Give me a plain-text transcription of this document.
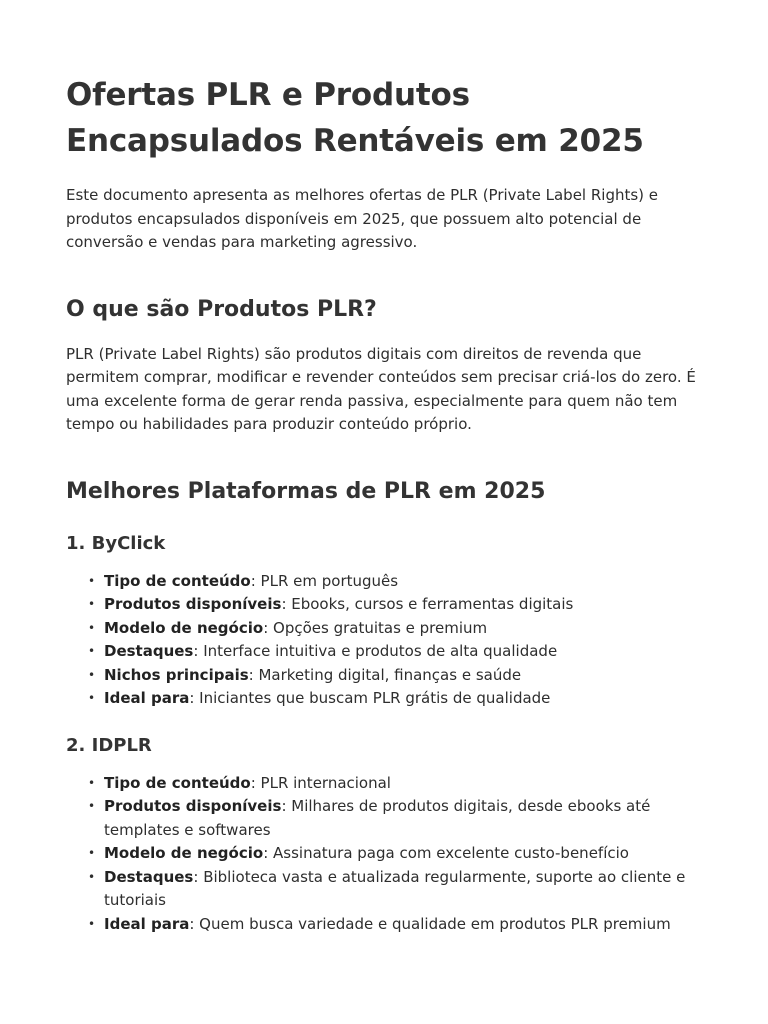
Ofertas PLR e Produtos Encapsulados Rentáveis em 2025

Este documento apresenta as melhores ofertas de PLR (Private Label Rights) e produtos encapsulados disponíveis em 2025, que possuem alto potencial de conversão e vendas para marketing agressivo.

O que são Produtos PLR?

PLR (Private Label Rights) são produtos digitais com direitos de revenda que permitem comprar, modificar e revender conteúdos sem precisar criá-los do zero. É uma excelente forma de gerar renda passiva, especialmente para quem não tem tempo ou habilidades para produzir conteúdo próprio.

Melhores Plataformas de PLR em 2025
1. ByClick
• Tipo de conteúdo: PLR em português
• Produtos disponíveis: Ebooks, cursos e ferramentas digitais
• Modelo de negócio: Opções gratuitas e premium
• Destaques: Interface intuitiva e produtos de alta qualidade
• Nichos principais: Marketing digital, finanças e saúde
• Ideal para: Iniciantes que buscam PLR grátis de qualidade
2. IDPLR
• Tipo de conteúdo: PLR internacional
• Produtos disponíveis: Milhares de produtos digitais, desde ebooks até templates e softwares
• Modelo de negócio: Assinatura paga com excelente custo-benefício
• Destaques: Biblioteca vasta e atualizada regularmente, suporte ao cliente e tutoriais
• Ideal para: Quem busca variedade e qualidade em produtos PLR premium
